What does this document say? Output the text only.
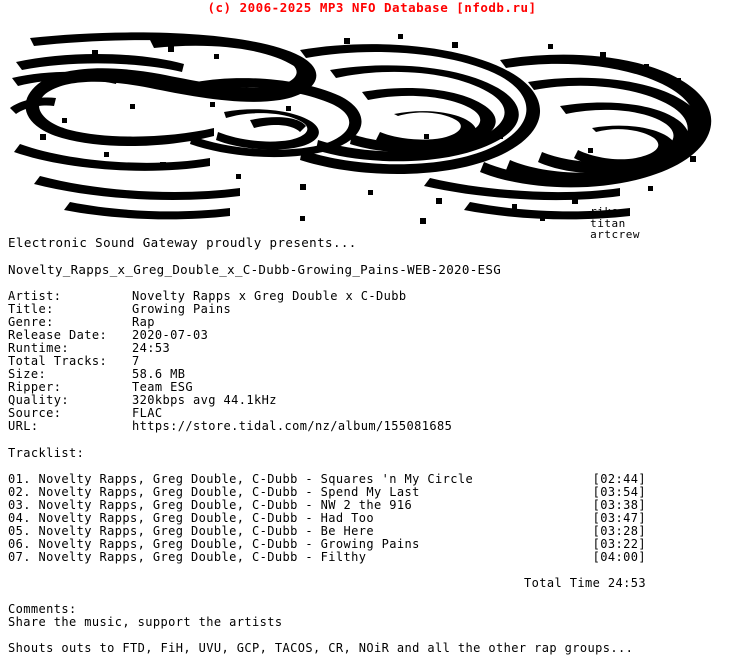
(c) 2006-2025 MP3 NFO Database [nfodb.ru]
riks
titan
artcrew
Electronic Sound Gateway proudly presents...
Novelty_Rapps_x_Greg_Double_x_C-Dubb-Growing_Pains-WEB-2020-ESG
Artist:	Novelty Rapps x Greg Double x C-Dubb
Title:	Growing Pains
Genre:	Rap
Release Date:	2020-07-03
Runtime:	24:53
Total Tracks:	7
Size:	58.6 MB
Ripper:	Team ESG
Quality:	320kbps avg 44.1kHz
Source:	FLAC
URL:	https://store.tidal.com/nz/album/155081685
Tracklist:
01. Novelty Rapps, Greg Double, C-Dubb - Squares 'n My Circle	[02:44]
02. Novelty Rapps, Greg Double, C-Dubb - Spend My Last	[03:54]
03. Novelty Rapps, Greg Double, C-Dubb - NW 2 the 916	[03:38]
04. Novelty Rapps, Greg Double, C-Dubb - Had Too	[03:47]
05. Novelty Rapps, Greg Double, C-Dubb - Be Here	[03:28]
06. Novelty Rapps, Greg Double, C-Dubb - Growing Pains	[03:22]
07. Novelty Rapps, Greg Double, C-Dubb - Filthy	[04:00]
Total Time 24:53
Comments:
Share the music, support the artists
Shouts outs to FTD, FiH, UVU, GCP, TACOS, CR, NOiR and all the other rap groups...
